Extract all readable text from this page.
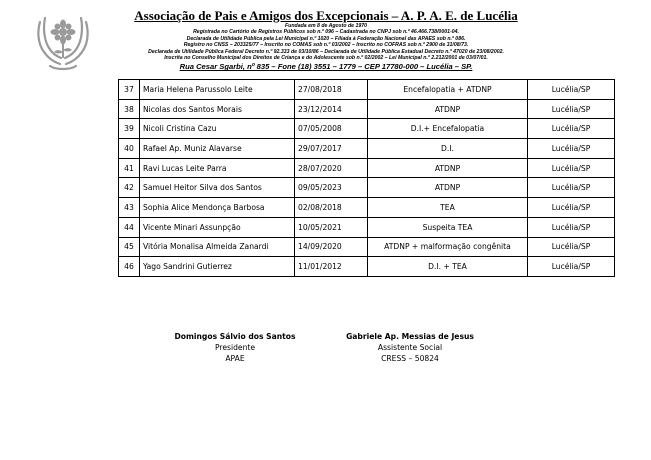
Associação de Pais e Amigos dos Excepcionais – A. P. A. E. de Lucélia
Fundada em 8 de Agosto de 1970
Registrada no Cartório de Registros Públicos sob n.º 096 – Cadastrada no CNPJ sob n.º 46.466.738/0001-04.
Declarada de Utilidade Pública pela Lei Municipal n.º 1020 – Filiada à Federação Nacional das APAES sob n.º 086.
Registro no CNSS – 203325/77 – Inscrito no COMAS sob n.º 03/2002 – Inscrito no COFRAS sob n.º 2900 de 31/08/73.
Declarada de Utilidade Pública Federal Decreto n.º 92.333 de 03/10/86 – Declarada de Utilidade Pública Estadual Decreto n.º 47020 de 23/08/2002.
Inscrita no Conselho Municipal dos Direitos de Criança e do Adolescente sob n.º 02/2002 – Lei Municipal n.º 2.212/2001 de 03/07/01.
Rua Cesar Sgarbi, nº 835 – Fone (18) 3551 – 1779 – CEP 17780-000 – Lucélia – SP.
37	Maria Helena Parussolo Leite	27/08/2018	Encefalopatia + ATDNP	Lucélia/SP
38	Nicolas dos Santos Morais	23/12/2014	ATDNP	Lucélia/SP
39	Nicoli Cristina Cazu	07/05/2008	D.I.+ Encefalopatia	Lucélia/SP
40	Rafael Ap. Muniz Alavarse	29/07/2017	D.I.	Lucélia/SP
41	Ravi Lucas Leite Parra	28/07/2020	ATDNP	Lucélia/SP
42	Samuel Heitor Silva dos Santos	09/05/2023	ATDNP	Lucélia/SP
43	Sophia Alice Mendonça Barbosa	02/08/2018	TEA	Lucélia/SP
44	Vicente Minari Assunpção	10/05/2021	Suspeita TEA	Lucélia/SP
45	Vitória Monalisa Almeida Zanardi	14/09/2020	ATDNP + malformação congênita	Lucélia/SP
46	Yago Sandrini Gutierrez	11/01/2012	D.I. + TEA	Lucélia/SP
Domingos Sálvio dos Santos
Presidente
APAE
Gabriele Ap. Messias de Jesus
Assistente Social
CRESS – 50824
